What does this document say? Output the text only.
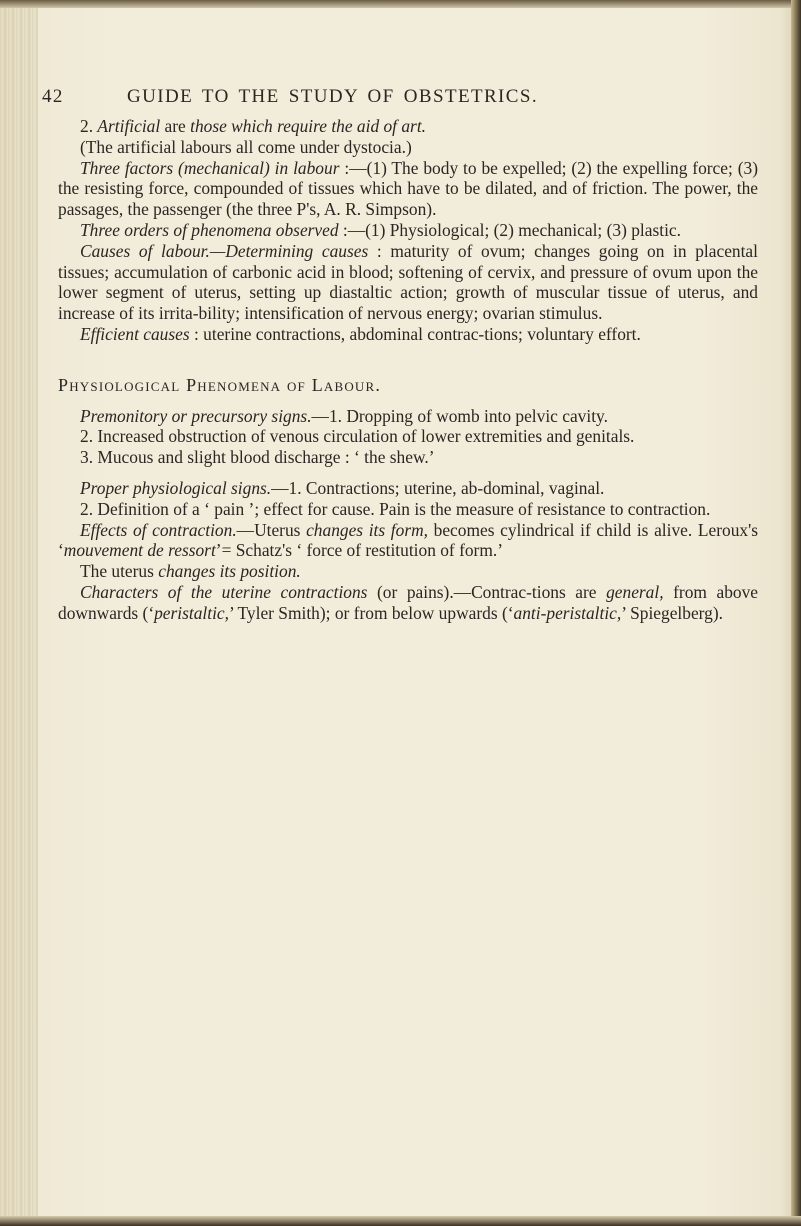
42	GUIDE TO THE STUDY OF OBSTETRICS.

2. Artificial are those which require the aid of art.

(The artificial labours all come under dystocia.)

Three factors (mechanical) in labour :—(1) The body to be expelled; (2) the expelling force; (3) the resisting force, compounded of tissues which have to be dilated, and of friction. The power, the passages, the passenger (the three P's, A. R. Simpson).

Three orders of phenomena observed :—(1) Physiological; (2) mechanical; (3) plastic.

Causes of labour.—Determining causes : maturity of ovum; changes going on in placental tissues; accumulation of carbonic acid in blood; softening of cervix, and pressure of ovum upon the lower segment of uterus, setting up diastaltic action; growth of muscular tissue of uterus, and increase of its irrita-bility; intensification of nervous energy; ovarian stimulus.

Efficient causes : uterine contractions, abdominal contrac-tions; voluntary effort.

Physiological Phenomena of Labour.

Premonitory or precursory signs.—1. Dropping of womb into pelvic cavity.

2. Increased obstruction of venous circulation of lower extremities and genitals.

3. Mucous and slight blood discharge : ‘ the shew.’

Proper physiological signs.—1. Contractions; uterine, ab-dominal, vaginal.

2. Definition of a ‘ pain ’; effect for cause. Pain is the measure of resistance to contraction.

Effects of contraction.—Uterus changes its form, becomes cylindrical if child is alive. Leroux's ‘mouvement de ressort’= Schatz's ‘ force of restitution of form.’

The uterus changes its position.

Characters of the uterine contractions (or pains).—Contrac-tions are general, from above downwards (‘peristaltic,’ Tyler Smith); or from below upwards (‘anti-peristaltic,’ Spiegelberg).
